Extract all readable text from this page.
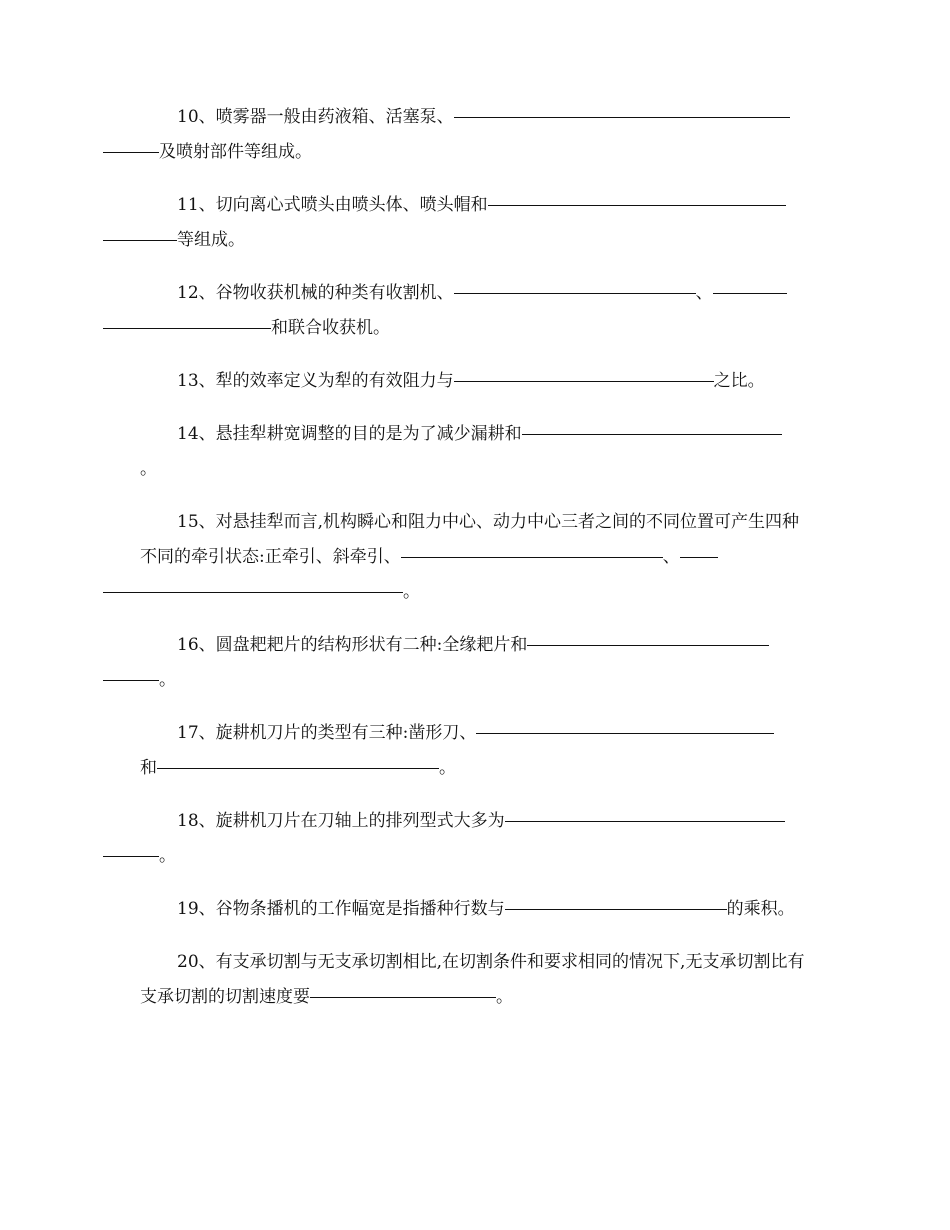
10、喷雾器一般由药液箱、活塞泵、
及喷射部件等组成。

11、切向离心式喷头由喷头体、喷头帽和
等组成。

12、谷物收获机械的种类有收割机、	、
和联合收获机。

13、犁的效率定义为犁的有效阻力与	之比。

14、悬挂犁耕宽调整的目的是为了减少漏耕和
。

15、对悬挂犁而言,机构瞬心和阻力中心、动力中心三者之间的不同位置可产生四种不同的牵引状态:正牵引、斜牵引、	、
。

16、圆盘耙耙片的结构形状有二种:全缘耙片和
。

17、旋耕机刀片的类型有三种:凿形刀、
和	。

18、旋耕机刀片在刀轴上的排列型式大多为
。

19、谷物条播机的工作幅宽是指播种行数与	的乘积。

20、有支承切割与无支承切割相比,在切割条件和要求相同的情况下,无支承切割比有支承切割的切割速度要	。
